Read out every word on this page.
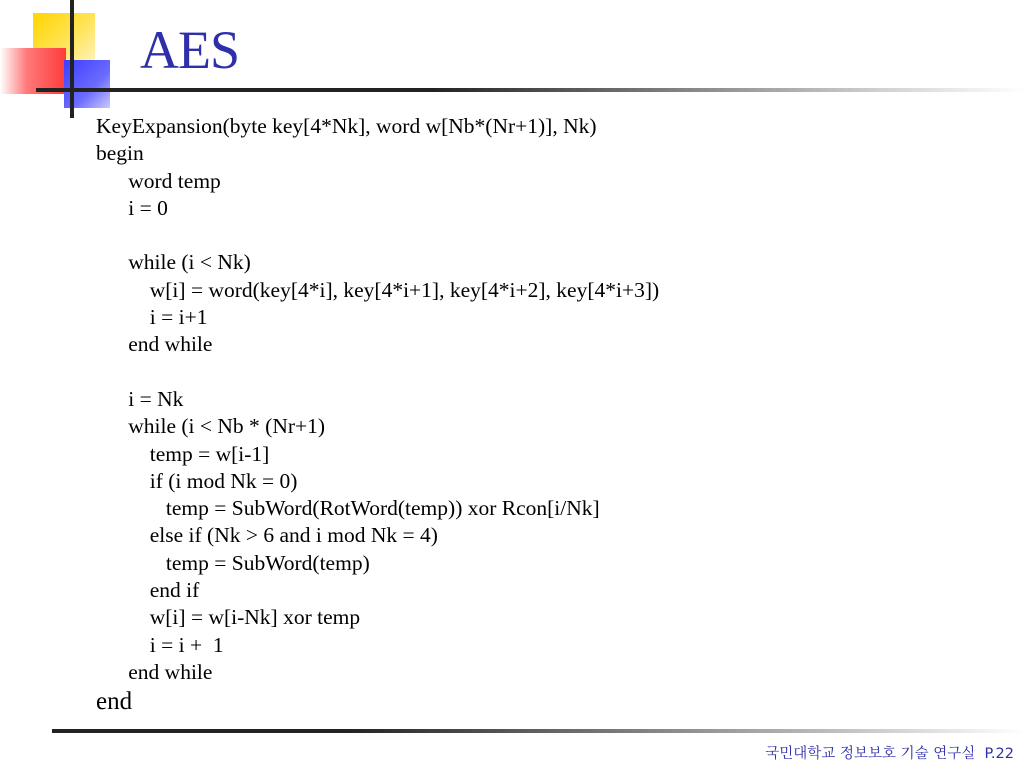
AES
KeyExpansion(byte key[4*Nk], word w[Nb*(Nr+1)], Nk)
begin
word temp
i = 0
while (i < Nk)
w[i] = word(key[4*i], key[4*i+1], key[4*i+2], key[4*i+3])
i = i+1
end while
i = Nk
while (i < Nb * (Nr+1)
temp = w[i-1]
if (i mod Nk = 0)
temp = SubWord(RotWord(temp)) xor Rcon[i/Nk]
else if (Nk > 6 and i mod Nk = 4)
temp = SubWord(temp)
end if
w[i] = w[i-Nk] xor temp
i = i +  1
end while
end
국민대학교 정보보호 기술 연구실  P.22
